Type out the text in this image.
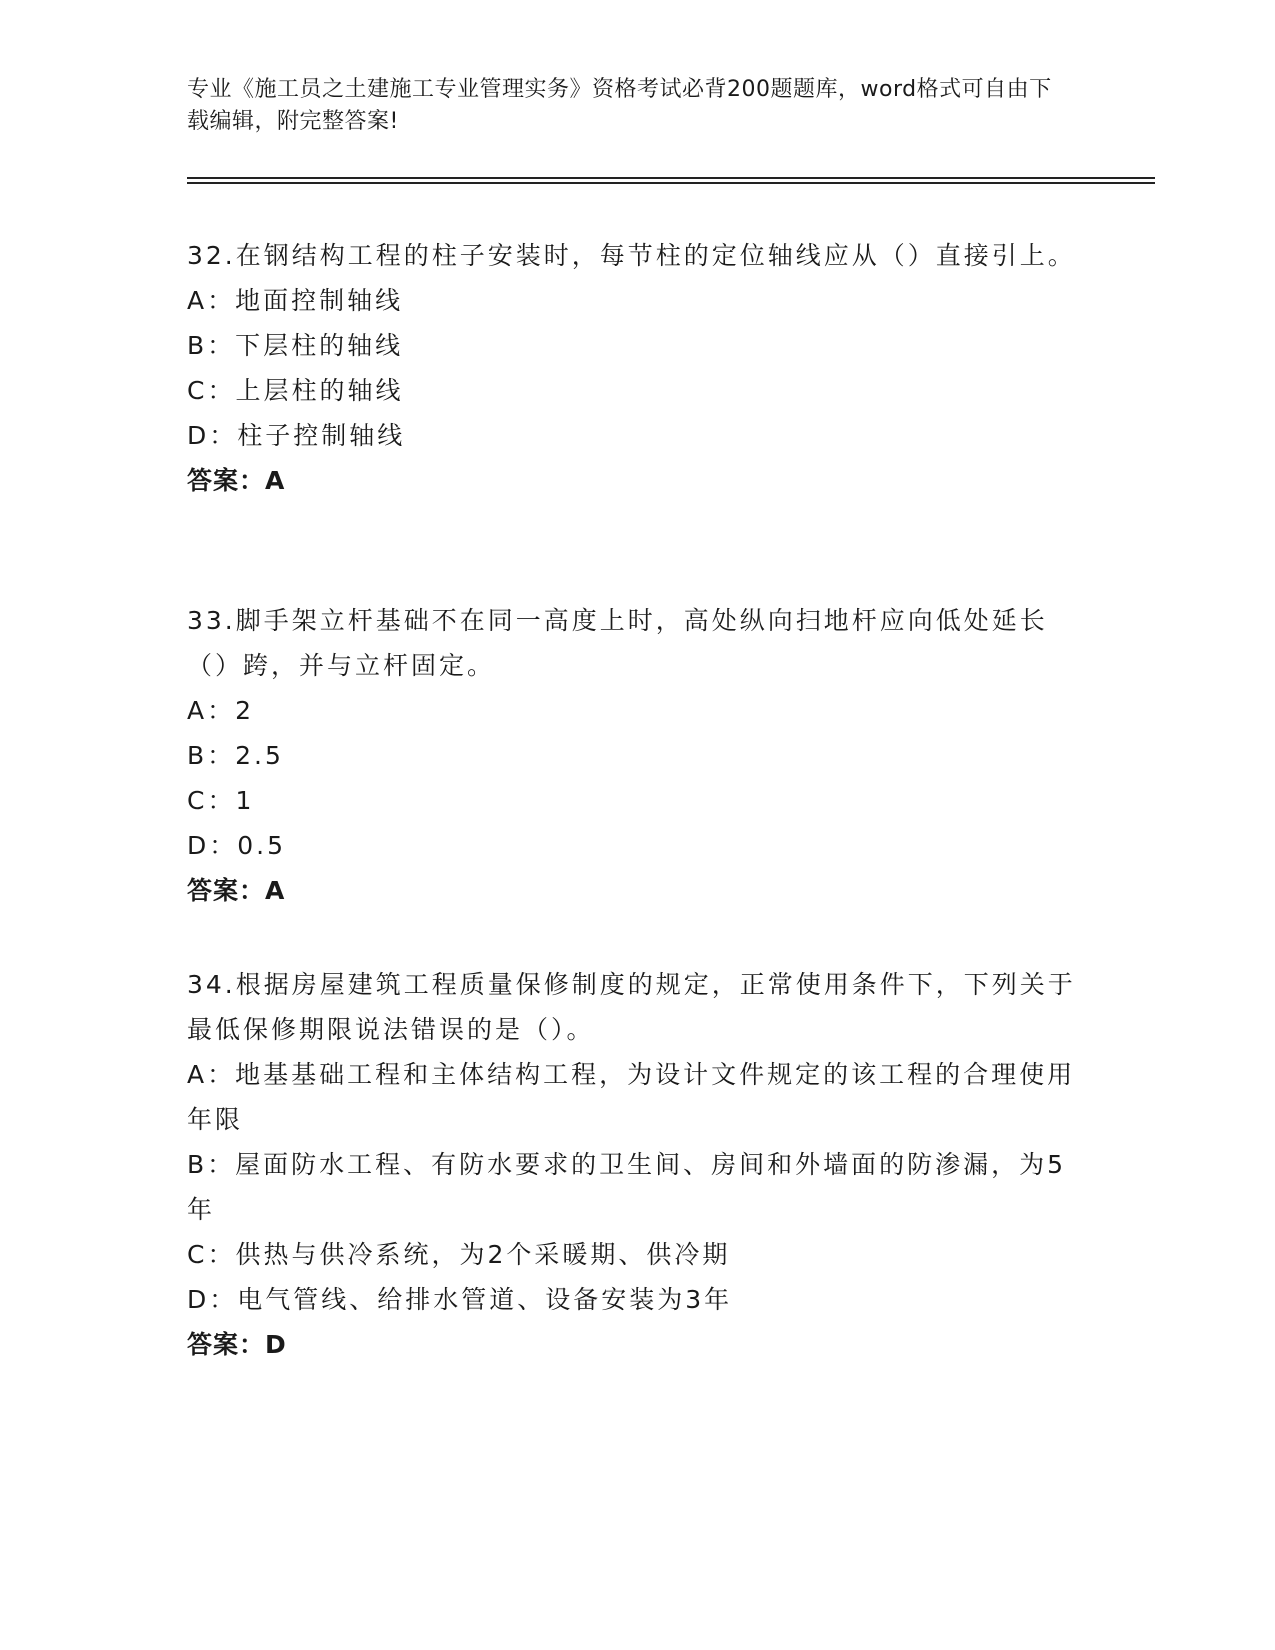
专业《施工员之土建施工专业管理实务》资格考试必背200题题库，word格式可自由下载编辑，附完整答案!

32.在钢结构工程的柱子安装时，每节柱的定位轴线应从（）直接引上。

A：地面控制轴线

B：下层柱的轴线

C：上层柱的轴线

D：柱子控制轴线

答案：A

33.脚手架立杆基础不在同一高度上时，高处纵向扫地杆应向低处延长（）跨，并与立杆固定。

A：2

B：2.5

C：1

D：0.5

答案：A

34.根据房屋建筑工程质量保修制度的规定，正常使用条件下，下列关于最低保修期限说法错误的是（）。

A：地基基础工程和主体结构工程，为设计文件规定的该工程的合理使用年限

B：屋面防水工程、有防水要求的卫生间、房间和外墙面的防渗漏，为5年

C：供热与供冷系统，为2个采暖期、供冷期

D：电气管线、给排水管道、设备安装为3年

答案：D
